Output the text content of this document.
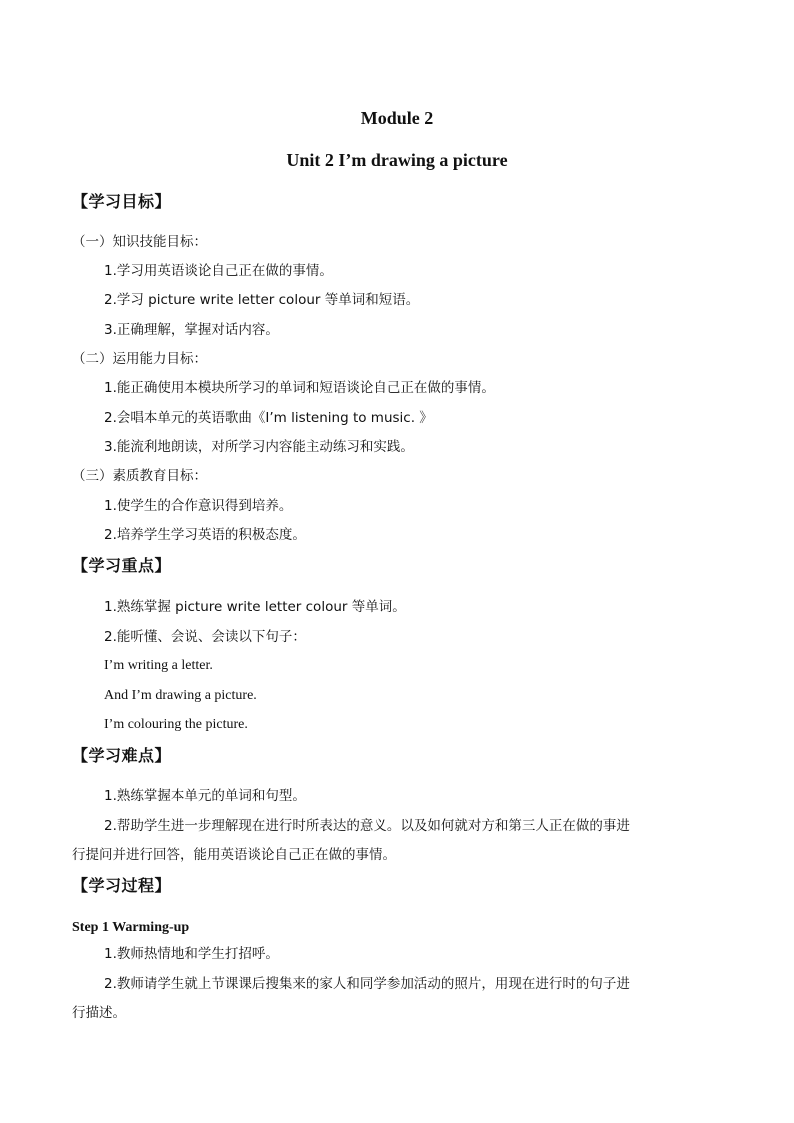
Module 2
Unit 2 I’m drawing a picture
【学习目标】
（一）知识技能目标：
1.学习用英语谈论自己正在做的事情。
2.学习 picture write letter colour 等单词和短语。
3.正确理解，掌握对话内容。
（二）运用能力目标：
1.能正确使用本模块所学习的单词和短语谈论自己正在做的事情。
2.会唱本单元的英语歌曲《I’m listening to music. 》
3.能流利地朗读，对所学习内容能主动练习和实践。
（三）素质教育目标：
1.使学生的合作意识得到培养。
2.培养学生学习英语的积极态度。
【学习重点】
1.熟练掌握 picture write letter colour 等单词。
2.能听懂、会说、会读以下句子：
I’m writing a letter.
And I’m drawing a picture.
I’m colouring the picture.
【学习难点】
1.熟练掌握本单元的单词和句型。
2.帮助学生进一步理解现在进行时所表达的意义。以及如何就对方和第三人正在做的事进
行提问并进行回答，能用英语谈论自己正在做的事情。
【学习过程】
Step 1 Warming-up
1.教师热情地和学生打招呼。
2.教师请学生就上节课课后搜集来的家人和同学参加活动的照片，用现在进行时的句子进
行描述。
